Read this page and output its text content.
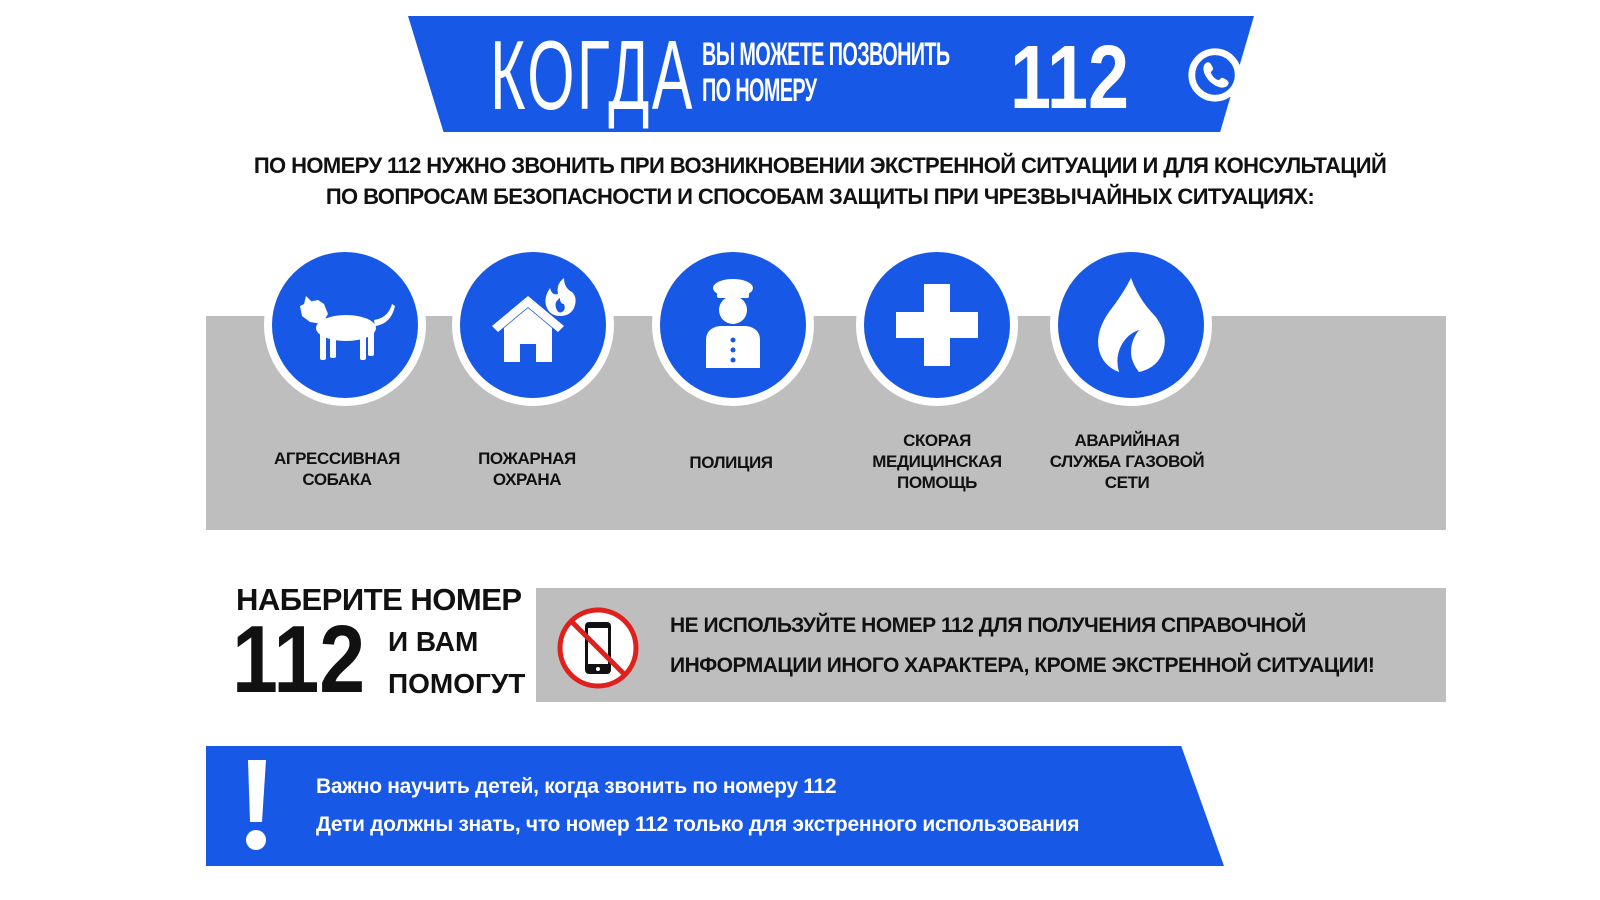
КОГДА ВЫ МОЖЕТЕ ПОЗВОНИТЬ
ПО НОМЕРУ	112
ПО НОМЕРУ 112 НУЖНО ЗВОНИТЬ ПРИ ВОЗНИКНОВЕНИИ ЭКСТРЕННОЙ СИТУАЦИИ И ДЛЯ КОНСУЛЬТАЦИЙ
ПО ВОПРОСАМ БЕЗОПАСНОСТИ И СПОСОБАМ ЗАЩИТЫ ПРИ ЧРЕЗВЫЧАЙНЫХ СИТУАЦИЯХ:
АГРЕССИВНАЯ
СОБАКА
ПОЖАРНАЯ
ОХРАНА
ПОЛИЦИЯ
СКОРАЯ
МЕДИЦИНСКАЯ
ПОМОЩЬ
АВАРИЙНАЯ
СЛУЖБА ГАЗОВОЙ
СЕТИ
НАБЕРИТЕ НОМЕР
112 И ВАМ
ПОМОГУТ
НЕ ИСПОЛЬЗУЙТЕ НОМЕР 112 ДЛЯ ПОЛУЧЕНИЯ СПРАВОЧНОЙ
ИНФОРМАЦИИ ИНОГО ХАРАКТЕРА, КРОМЕ ЭКСТРЕННОЙ СИТУАЦИИ!
Важно научить детей, когда звонить по номеру 112
Дети должны знать, что номер 112 только для экстренного использования
